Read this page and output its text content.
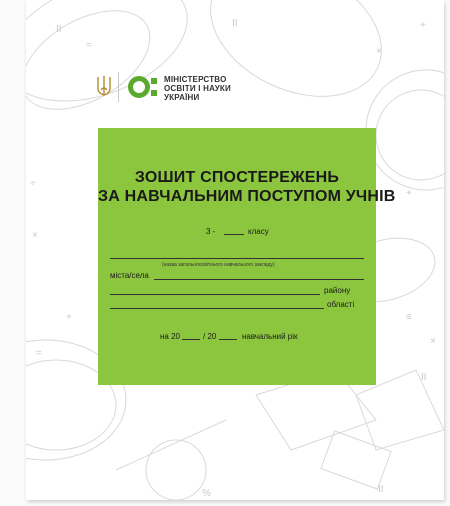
II
=
II
×
+
÷
×
+
≡
×
II
=
%	II
+
МІНІСТЕРСТВО
ОСВІТИ І НАУКИ
УКРАЇНИ
ЗОШИТ СПОСТЕРЕЖЕНЬ
ЗА НАВЧАЛЬНИМ ПОСТУПОМ УЧНІВ
3 -	класу
(назва загальноосвітнього навчального закладу)
міста/села
району
області
на 20	/ 20	навчальний рік
